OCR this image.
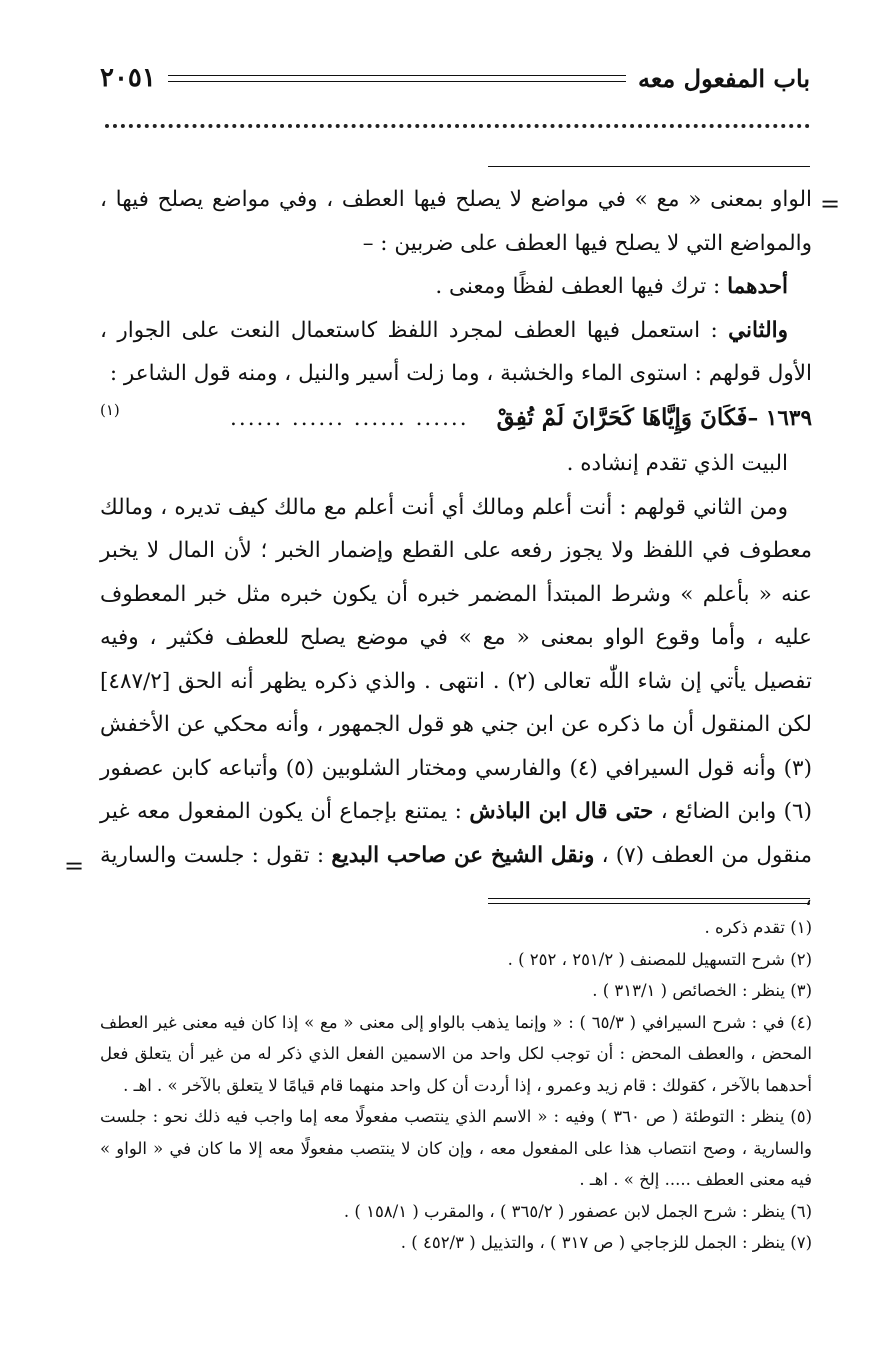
باب المفعول معه
٢٠٥١
=

الواو بمعنى « مع » في مواضع لا يصلح فيها العطف ، وفي مواضع يصلح فيها ، والمواضع التي لا يصلح فيها العطف على ضربين : –

أحدهما : ترك فيها العطف لفظًا ومعنى .

والثاني : استعمل فيها العطف لمجرد اللفظ كاستعمال النعت على الجوار ، الأول قولهم : استوى الماء والخشبة ، وما زلت أسير والنيل ، ومنه قول الشاعر :

١٦٣٩ –
فَكَانَ وَإِيَّاهَا كَحَرَّانَ لَمْ تُفِقْ
...... ...... ...... ......
(١)

البيت الذي تقدم إنشاده .

ومن الثاني قولهم : أنت أعلم ومالك أي أنت أعلم مع مالك كيف تديره ، ومالك معطوف في اللفظ ولا يجوز رفعه على القطع وإضمار الخبر ؛ لأن المال لا يخبر عنه « بأعلم » وشرط المبتدأ المضمر خبره أن يكون خبره مثل خبر المعطوف عليه ، وأما وقوع الواو بمعنى « مع » في موضع يصلح للعطف فكثير ، وفيه تفصيل يأتي إن شاء اللّٰه تعالى (٢) . انتهى . والذي ذكره يظهر أنه الحق [٤٨٧/٢] لكن المنقول أن ما ذكره عن ابن جني هو قول الجمهور ، وأنه محكي عن الأخفش (٣) وأنه قول السيرافي (٤) والفارسي ومختار الشلوبين (٥) وأتباعه كابن عصفور (٦) وابن الضائع ، حتى قال ابن الباذش : يمتنع بإجماع أن يكون المفعول معه غير منقول من العطف (٧) ، ونقل الشيخ عن صاحب البديع : تقول : جلست والسارية ،

=

(١) تقدم ذكره .

(٢) شرح التسهيل للمصنف ( ٢٥١/٢ ، ٢٥٢ ) .

(٣) ينظر : الخصائص ( ٣١٣/١ ) .

(٤) في : شرح السيرافي ( ٦٥/٣ ) : « وإنما يذهب بالواو إلى معنى « مع » إذا كان فيه معنى غير العطف المحض ، والعطف المحض : أن توجب لكل واحد من الاسمين الفعل الذي ذكر له من غير أن يتعلق فعل أحدهما بالآخر ، كقولك : قام زيد وعمرو ، إذا أردت أن كل واحد منهما قام قيامًا لا يتعلق بالآخر » . اهـ .

(٥) ينظر : التوطئة ( ص ٣٦٠ ) وفيه : « الاسم الذي ينتصب مفعولًا معه إما واجب فيه ذلك نحو : جلست والسارية ، وصح انتصاب هذا على المفعول معه ، وإن كان لا ينتصب مفعولًا معه إلا ما كان في « الواو » فيه معنى العطف ..... إلخ » . اهـ .

(٦) ينظر : شرح الجمل لابن عصفور ( ٣٦٥/٢ ) ، والمقرب ( ١٥٨/١ ) .

(٧) ينظر : الجمل للزجاجي ( ص ٣١٧ ) ، والتذييل ( ٤٥٢/٣ ) .
